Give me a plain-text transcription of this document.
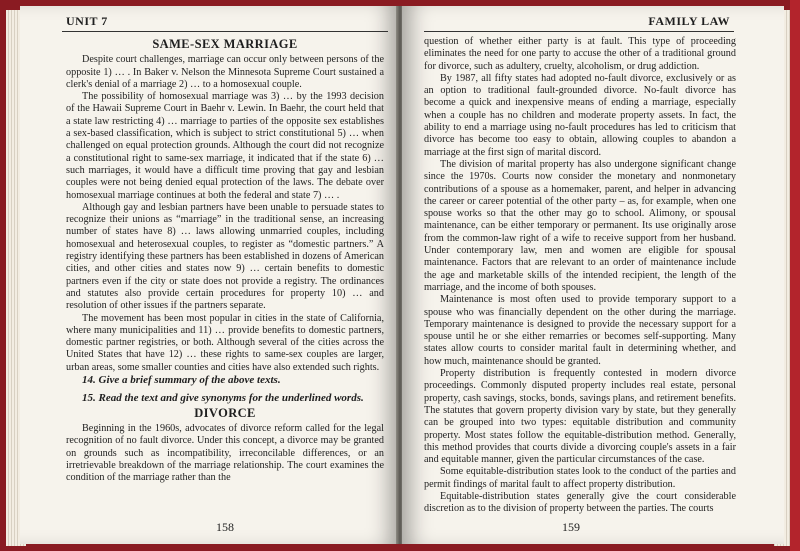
UNIT 7
SAME-SEX MARRIAGE

Despite court challenges, marriage can occur only between persons of the opposite 1) … . In Baker v. Nelson the Minnesota Supreme Court sustained a clerk's denial of a marriage 2) … to a homosexual couple.

The possibility of homosexual marriage was 3) … by the 1993 decision of the Hawaii Supreme Court in Baehr v. Lewin. In Baehr, the court held that a state law restricting 4) … marriage to parties of the opposite sex establishes a sex-based classification, which is subject to strict constitutional 5) … when challenged on equal protection grounds. Although the court did not recognize a constitutional right to same-sex marriage, it indicated that if the state 6) … such marriages, it would have a difficult time proving that gay and lesbian couples were not being denied equal protection of the laws. The debate over homosexual marriage continues at both the federal and state 7) … .

Although gay and lesbian partners have been unable to persuade states to recognize their unions as “marriage” in the traditional sense, an increasing number of states have 8) … laws allowing unmarried couples, including homosexual and heterosexual couples, to register as “domestic partners.” A registry identifying these partners has been established in dozens of American cities, and other cities and states now 9) … certain benefits to domestic partners even if the city or state does not provide a registry. The ordinances and statutes also provide certain procedures for property 10) … and resolution of other issues if the partners separate.

The movement has been most popular in cities in the state of California, where many municipalities and 11) … provide benefits to domestic partners, domestic partner registries, or both. Although several of the cities across the United States that have 12) … these rights to same-sex couples are larger, urban areas, some smaller counties and cities have also extended such rights.

14. Give a brief summary of the above texts.

15. Read the text and give synonyms for the underlined words.

DIVORCE

Beginning in the 1960s, advocates of divorce reform called for the legal recognition of no fault divorce. Under this concept, a divorce may be granted on grounds such as incompatibility, irreconcilable differences, or an irretrievable breakdown of the marriage relationship. The court examines the condition of the marriage rather than the

158
FAMILY LAW

question of whether either party is at fault. This type of proceeding eliminates the need for one party to accuse the other of a traditional ground for divorce, such as adultery, cruelty, alcoholism, or drug addiction.

By 1987, all fifty states had adopted no-fault divorce, exclusively or as an option to traditional fault-grounded divorce. No-fault divorce has become a quick and inexpensive means of ending a marriage, especially when a couple has no children and moderate property assets. In fact, the ability to end a marriage using no-fault procedures has led to criticism that divorce has become too easy to obtain, allowing couples to abandon a marriage at the first sign of marital discord.

The division of marital property has also undergone significant change since the 1970s. Courts now consider the monetary and nonmonetary contributions of a spouse as a homemaker, parent, and helper in advancing the career or career potential of the other party – as, for example, when one spouse works so that the other may go to school. Alimony, or spousal maintenance, can be either temporary or permanent. Its use originally arose from the common-law right of a wife to receive support from her husband. Under contemporary law, men and women are eligible for spousal maintenance. Factors that are relevant to an order of maintenance include the age and marketable skills of the intended recipient, the length of the marriage, and the income of both spouses.

Maintenance is most often used to provide temporary support to a spouse who was financially dependent on the other during the marriage. Temporary maintenance is designed to provide the necessary support for a spouse until he or she either remarries or becomes self-supporting. Many states allow courts to consider marital fault in determining whether, and how much, maintenance should be granted.

Property distribution is frequently contested in modern divorce proceedings. Commonly disputed property includes real estate, personal property, cash savings, stocks, bonds, savings plans, and retirement benefits. The statutes that govern property division vary by state, but they generally can be grouped into two types: equitable distribution and community property. Most states follow the equitable-distribution method. Generally, this method provides that courts divide a divorcing couple's assets in a fair and equitable manner, given the particular circumstances of the case.

Some equitable-distribution states look to the conduct of the parties and permit findings of marital fault to affect property distribution.

Equitable-distribution states generally give the court considerable discretion as to the division of property between the parties. The courts

159
